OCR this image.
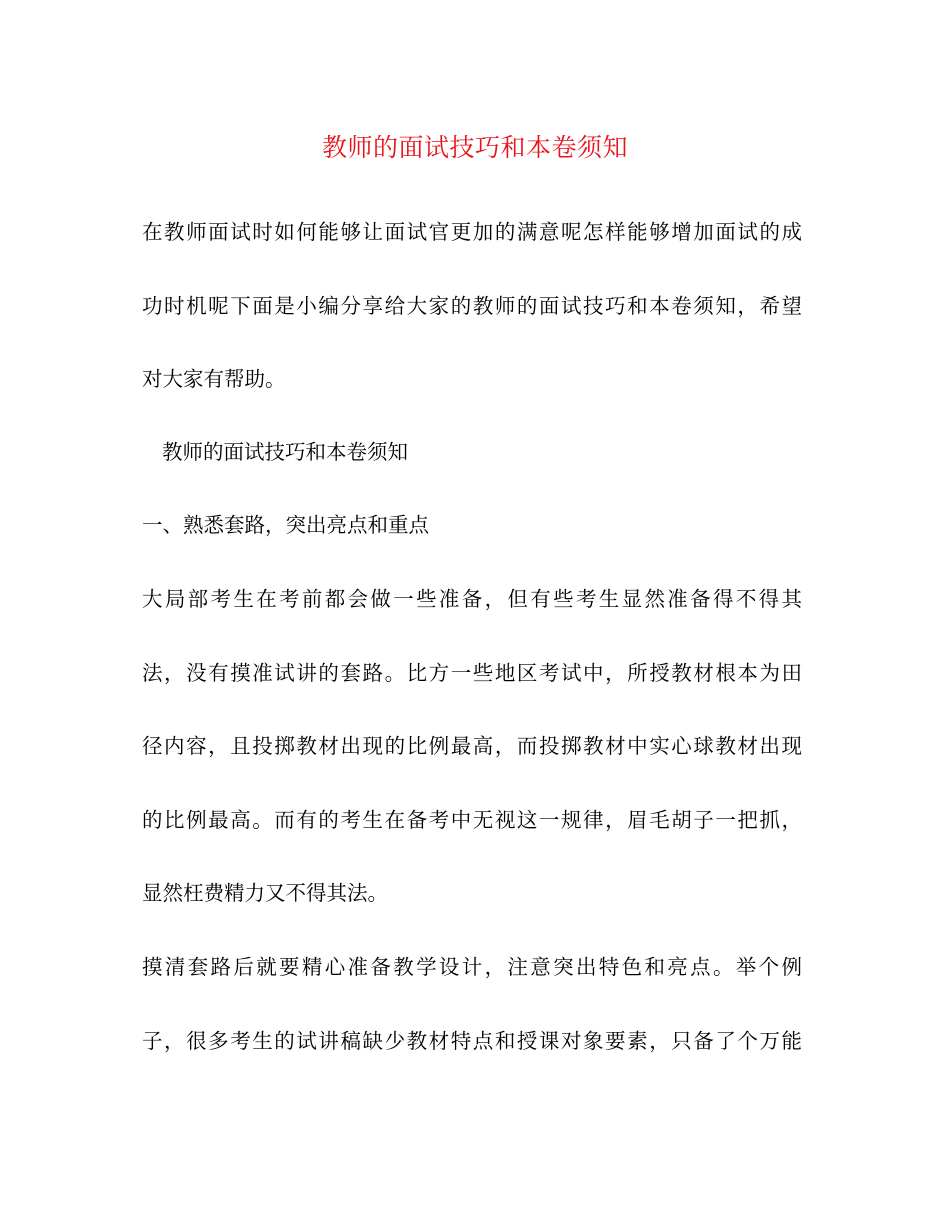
教师的面试技巧和本卷须知
在教师面试时如何能够让面试官更加的满意呢怎样能够增加面试的成
功时机呢下面是小编分享给大家的教师的面试技巧和本卷须知，希望
对大家有帮助。
教师的面试技巧和本卷须知
一、熟悉套路，突出亮点和重点
大局部考生在考前都会做一些准备，但有些考生显然准备得不得其
法，没有摸准试讲的套路。比方一些地区考试中，所授教材根本为田
径内容，且投掷教材出现的比例最高，而投掷教材中实心球教材出现
的比例最高。而有的考生在备考中无视这一规律，眉毛胡子一把抓，
显然枉费精力又不得其法。
摸清套路后就要精心准备教学设计，注意突出特色和亮点。举个例
子，很多考生的试讲稿缺少教材特点和授课对象要素，只备了个万能
